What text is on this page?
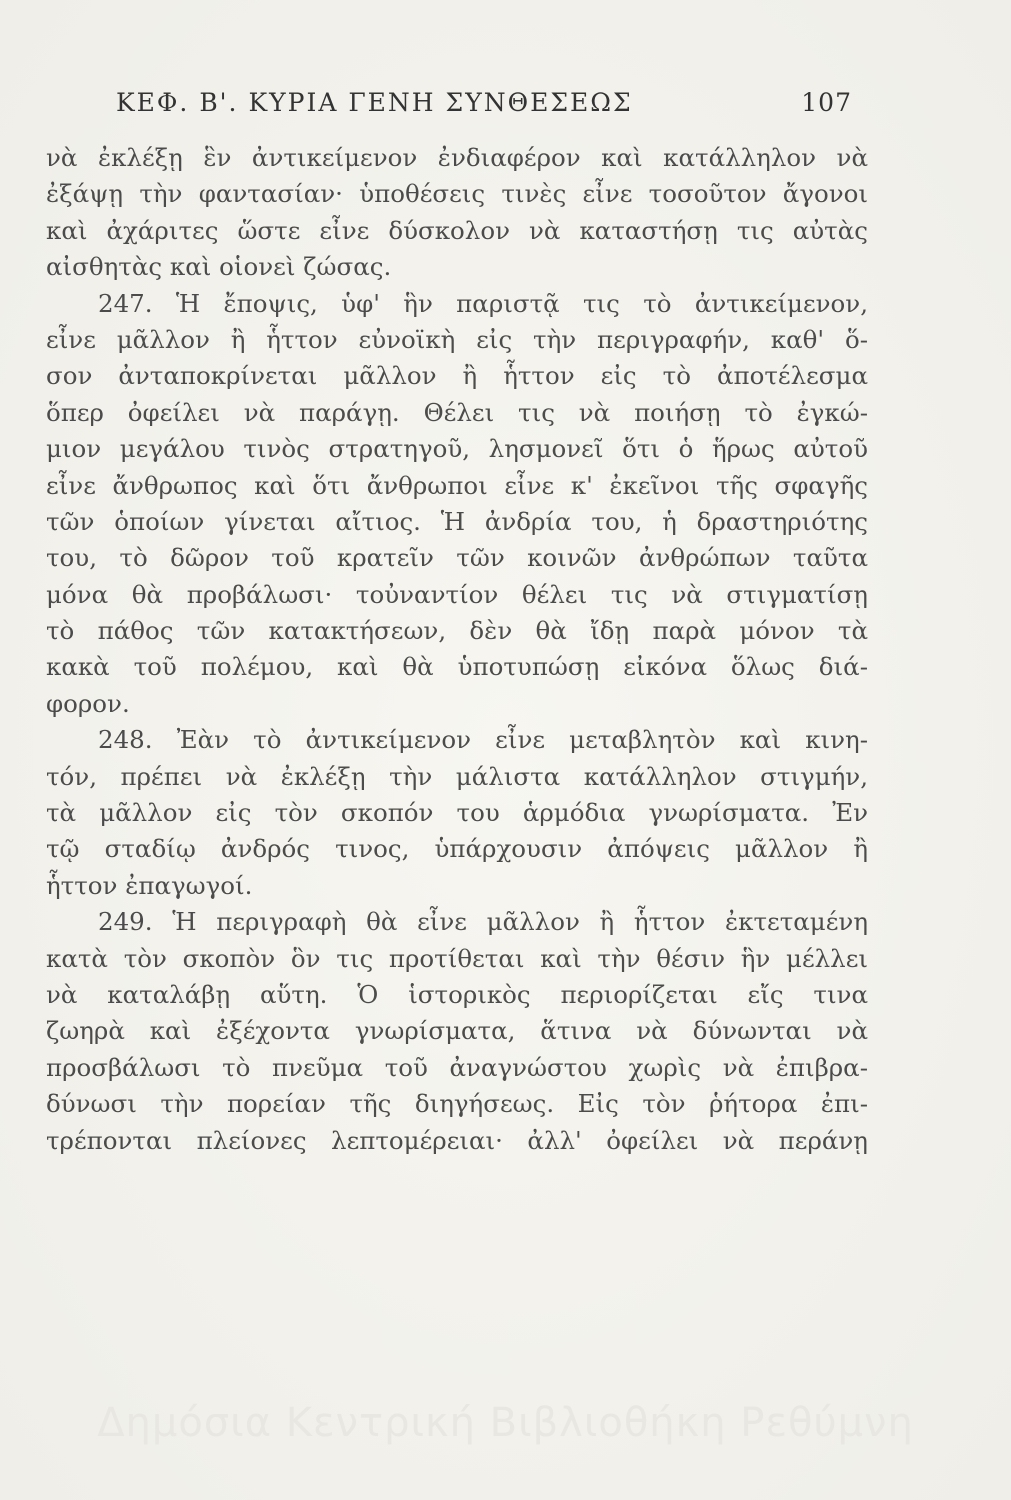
ΚΕΦ. Β'. ΚΥΡΙΑ ΓΕΝΗ ΣΥΝΘΕΣΕΩΣ	107
νὰ ἐκλέξῃ ἓν ἀντικείμενον ἐνδιαφέρον καὶ κατάλληλον νὰ
ἐξάψῃ τὴν φαντασίαν· ὑποθέσεις τινὲς εἶνε τοσοῦτον ἄγονοι
καὶ ἀχάριτες ὥστε εἶνε δύσκολον νὰ καταστήσῃ τις αὐτὰς
αἰσθητὰς καὶ οἱονεὶ ζώσας.
247. Ἡ ἔποψις, ὑφ' ἣν παριστᾷ τις τὸ ἀντικείμενον,
εἶνε μᾶλλον ἢ ἧττον εὐνοϊκὴ εἰς τὴν περιγραφήν, καθ' ὅ-
σον ἀνταποκρίνεται μᾶλλον ἢ ἧττον εἰς τὸ ἀποτέλεσμα
ὅπερ ὀφείλει νὰ παράγῃ. Θέλει τις νὰ ποιήσῃ τὸ ἐγκώ-
μιον μεγάλου τινὸς στρατηγοῦ, λησμονεῖ ὅτι ὁ ἥρως αὐτοῦ
εἶνε ἄνθρωπος καὶ ὅτι ἄνθρωποι εἶνε κ' ἐκεῖνοι τῆς σφαγῆς
τῶν ὁποίων γίνεται αἴτιος. Ἡ ἀνδρία του, ἡ δραστηριότης
του, τὸ δῶρον τοῦ κρατεῖν τῶν κοινῶν ἀνθρώπων ταῦτα
μόνα θὰ προβάλωσι· τοὐναντίον θέλει τις νὰ στιγματίσῃ
τὸ πάθος τῶν κατακτήσεων, δὲν θὰ ἴδῃ παρὰ μόνον τὰ
κακὰ τοῦ πολέμου, καὶ θὰ ὑποτυπώσῃ εἰκόνα ὅλως διά-
φορον.
248. Ἐὰν τὸ ἀντικείμενον εἶνε μεταβλητὸν καὶ κινη-
τόν, πρέπει νὰ ἐκλέξῃ τὴν μάλιστα κατάλληλον στιγμήν,
τὰ μᾶλλον εἰς τὸν σκοπόν του ἁρμόδια γνωρίσματα. Ἐν
τῷ σταδίῳ ἀνδρός τινος, ὑπάρχουσιν ἀπόψεις μᾶλλον ἢ
ἧττον ἐπαγωγοί.
249. Ἡ περιγραφὴ θὰ εἶνε μᾶλλον ἢ ἧττον ἐκτεταμένη
κατὰ τὸν σκοπὸν ὃν τις προτίθεται καὶ τὴν θέσιν ἣν μέλλει
νὰ καταλάβῃ αὕτη. Ὁ ἱστορικὸς περιορίζεται εἴς τινα
ζωηρὰ καὶ ἐξέχοντα γνωρίσματα, ἅτινα νὰ δύνωνται νὰ
προσβάλωσι τὸ πνεῦμα τοῦ ἀναγνώστου χωρὶς νὰ ἐπιβρα-
δύνωσι τὴν πορείαν τῆς διηγήσεως. Εἰς τὸν ῥήτορα ἐπι-
τρέπονται πλείονες λεπτομέρειαι· ἀλλ' ὀφείλει νὰ περάνῃ
Δημόσια Κεντρική Βιβλιοθήκη Ρεθύμνη
